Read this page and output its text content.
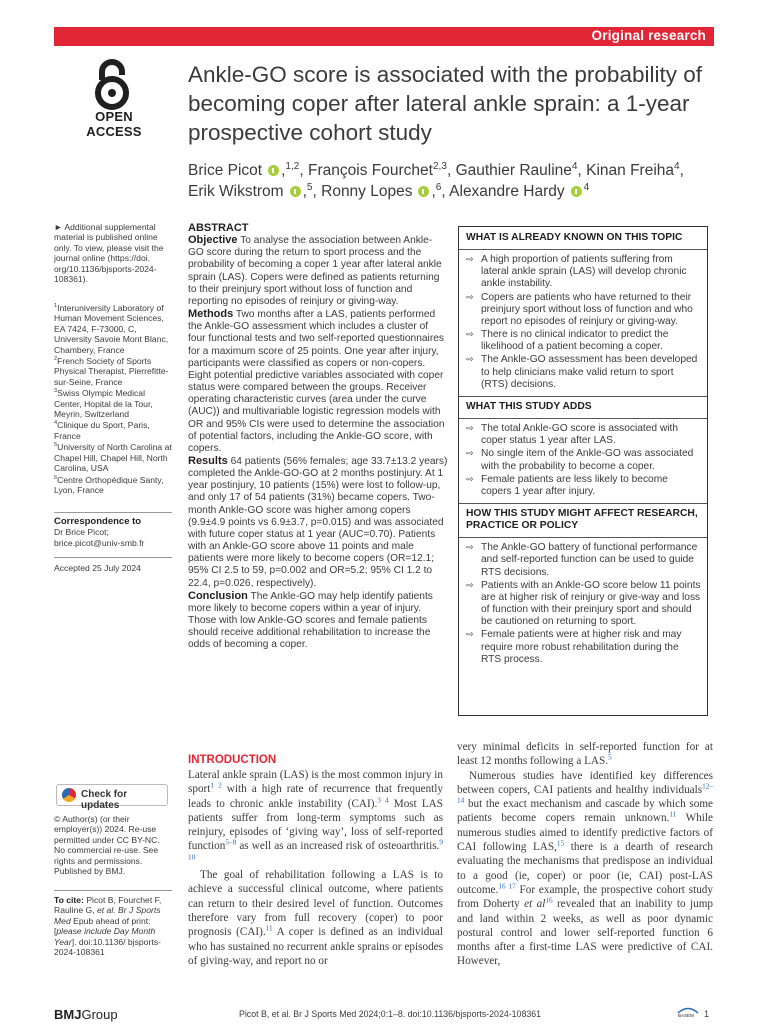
Original research
OPEN ACCESS
Ankle-GO score is associated with the probability of becoming coper after lateral ankle sprain: a 1-year prospective cohort study
Brice Picot ,$^{1,2}$, François Fourchet$^{2,3}$, Gauthier Rauline$^4$, Kinan Freiha$^4$, Erik Wikstrom ,$^5$, Ronny Lopes ,$^6$, Alexandre Hardy $^4$

► Additional supplemental material is published online only. To view, please visit the journal online (https://doi. org/10.1136/bjsports-2024-108361).

$^1$Interuniversity Laboratory of Human Movement Sciences, EA 7424, F-73000, C, University Savoie Mont Blanc, Chambery, France

$^2$French Society of Sports Physical Therapist, Pierrefitte-sur-Seine, France

$^3$Swiss Olympic Medical Center, Hopital de la Tour, Meyrin, Switzerland

$^4$Clinique du Sport, Paris, France

$^5$University of North Carolina at Chapel Hill, Chapel Hill, North Carolina, USA

$^6$Centre Orthopédique Santy, Lyon, France

Correspondence to

Dr Brice Picot;

brice.picot@univ-smb.fr

Accepted 25 July 2024
Check for updates

© Author(s) (or their employer(s)) 2024. Re-use permitted under CC BY-NC. No commercial re-use. See rights and permissions. Published by BMJ.

To cite: Picot B, Fourchet F, Rauline G, et al. Br J Sports Med Epub ahead of print: [please include Day Month Year]. doi:10.1136/ bjsports-2024-108361
ABSTRACT
Objective To analyse the association between Ankle-GO score during the return to sport process and the probability of becoming a coper 1 year after lateral ankle sprain (LAS). Copers were defined as patients returning to their preinjury sport without loss of function and reporting no episodes of reinjury or giving-way.
Methods Two months after a LAS, patients performed the Ankle-GO assessment which includes a cluster of four functional tests and two self-reported questionnaires for a maximum score of 25 points. One year after injury, participants were classified as copers or non-copers. Eight potential predictive variables associated with coper status were compared between the groups. Receiver operating characteristic curves (area under the curve (AUC)) and multivariable logistic regression models with OR and 95% CIs were used to determine the association of potential factors, including the Ankle-GO score, with copers.
Results 64 patients (56% females; age 33.7±13.2 years) completed the Ankle-GO-GO at 2 months postinjury. At 1 year postinjury, 10 patients (15%) were lost to follow-up, and only 17 of 54 patients (31%) became copers. Two-month Ankle-GO score was higher among copers (9.9±4.9 points vs 6.9±3.7, p=0.015) and was associated with future coper status at 1 year (AUC=0.70). Patients with an Ankle-GO score above 11 points and male patients were more likely to become copers (OR=12.1; 95% CI 2.5 to 59, p=0.002 and OR=5.2; 95% CI 1.2 to 22.4, p=0.026, respectively).
Conclusion The Ankle-GO may help identify patients more likely to become copers within a year of injury. Those with low Ankle-GO scores and female patients should receive additional rehabilitation to increase the odds of becoming a coper.
WHAT IS ALREADY KNOWN ON THIS TOPIC
⇨ A high proportion of patients suffering from lateral ankle sprain (LAS) will develop chronic ankle instability.
⇨ Copers are patients who have returned to their preinjury sport without loss of function and who report no episodes of reinjury or giving-way.
⇨ There is no clinical indicator to predict the likelihood of a patient becoming a coper.
⇨ The Ankle-GO assessment has been developed to help clinicians make valid return to sport (RTS) decisions.
WHAT THIS STUDY ADDS
⇨ The total Ankle-GO score is associated with coper status 1 year after LAS.
⇨ No single item of the Ankle-GO was associated with the probability to become a coper.
⇨ Female patients are less likely to become copers 1 year after injury.
HOW THIS STUDY MIGHT AFFECT RESEARCH, PRACTICE OR POLICY
⇨ The Ankle-GO battery of functional performance and self-reported function can be used to guide RTS decisions.
⇨ Patients with an Ankle-GO score below 11 points are at higher risk of reinjury or give-way and loss of function with their preinjury sport and should be cautioned on returning to sport.
⇨ Female patients were at higher risk and may require more robust rehabilitation during the RTS process.
INTRODUCTION

Lateral ankle sprain (LAS) is the most common injury in sport$^{1 2}$ with a high rate of recurrence that frequently leads to chronic ankle instability (CAI).$^{3 4}$ Most LAS patients suffer from long-term symptoms such as reinjury, episodes of ‘giving way’, loss of self-reported function$^{5-8}$ as well as an increased risk of osteoarthritis.$^{9 10}$

The goal of rehabilitation following a LAS is to achieve a successful clinical outcome, where patients can return to their desired level of function. Outcomes therefore vary from full recovery (coper) to poor prognosis (CAI).$^{11}$ A coper is defined as an individual who has sustained no recurrent ankle sprains or episodes of giving-way, and report no or

very minimal deficits in self-reported function for at least 12 months following a LAS.$^5$

Numerous studies have identified key differences between copers, CAI patients and healthy individuals$^{12-14}$ but the exact mechanism and cascade by which some patients become copers remain unknown.$^{11}$ While numerous studies aimed to identify predictive factors of CAI following LAS,$^{15}$ there is a dearth of research evaluating the mechanisms that predispose an individual to a good (ie, coper) or poor (ie, CAI) post-LAS outcome.$^{16 17}$ For example, the prospective cohort study from Doherty et al$^{16}$ revealed that an inability to jump and land within 2 weeks, as well as poor dynamic postural control and lower self-reported function 6 months after a first-time LAS were predictive of CAI. However,

BMJGroup	Picot B, et al. Br J Sports Med 2024;0:1–8. doi:10.1136/bjsports-2024-108361	BASEM 1
